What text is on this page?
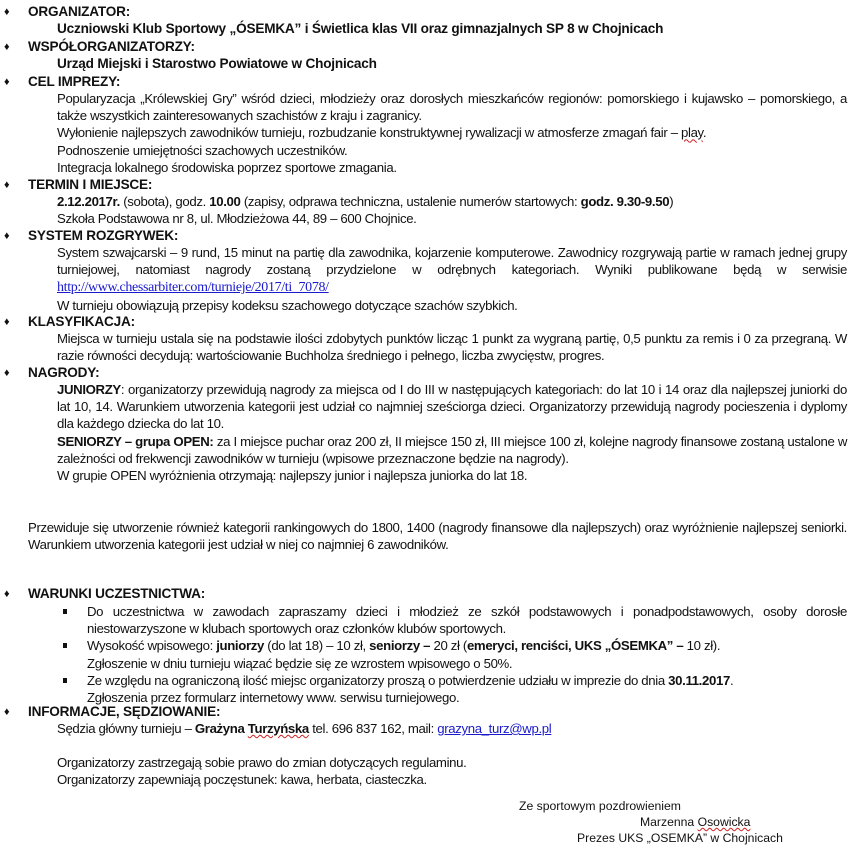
♦	ORGANIZATOR:
Uczniowski Klub Sportowy „ÓSEMKA” i Świetlica klas VII oraz gimnazjalnych SP 8 w Chojnicach
♦	WSPÓŁORGANIZATORZY:
Urząd Miejski i Starostwo Powiatowe w Chojnicach
♦	CEL IMPREZY:
Popularyzacja „Królewskiej Gry” wśród dzieci, młodzieży oraz dorosłych mieszkańców regionów: pomorskiego i kujawsko – pomorskiego, a także wszystkich zainteresowanych szachistów z kraju i zagranicy.
Wyłonienie najlepszych zawodników turnieju, rozbudzanie konstruktywnej rywalizacji w atmosferze zmagań fair – play.
Podnoszenie umiejętności szachowych uczestników.
Integracja lokalnego środowiska poprzez sportowe zmagania.
♦	TERMIN I MIEJSCE:
2.12.2017r. (sobota), godz. 10.00 (zapisy, odprawa techniczna, ustalenie numerów startowych: godz. 9.30-9.50)
Szkoła Podstawowa nr 8, ul. Młodzieżowa 44, 89 – 600 Chojnice.
♦	SYSTEM ROZGRYWEK:
System szwajcarski – 9 rund, 15 minut na partię dla zawodnika, kojarzenie komputerowe. Zawodnicy rozgrywają partie w ramach jednej grupy turniejowej, natomiast nagrody zostaną przydzielone w odrębnych kategoriach. Wyniki publikowane będą w serwisie http://www.chessarbiter.com/turnieje/2017/ti_7078/
W turnieju obowiązują przepisy kodeksu szachowego dotyczące szachów szybkich.
♦	KLASYFIKACJA:
Miejsca w turnieju ustala się na podstawie ilości zdobytych punktów licząc 1 punkt za wygraną partię, 0,5 punktu za remis i 0 za przegraną. W razie równości decydują: wartościowanie Buchholza średniego i pełnego, liczba zwycięstw, progres.
♦	NAGRODY:
JUNIORZY: organizatorzy przewidują nagrody za miejsca od I do III w następujących kategoriach: do lat 10 i 14 oraz dla najlepszej juniorki do lat 10, 14. Warunkiem utworzenia kategorii jest udział co najmniej sześciorga dzieci. Organizatorzy przewidują nagrody pocieszenia i dyplomy dla każdego dziecka do lat 10.
SENIORZY – grupa OPEN: za I miejsce puchar oraz 200 zł, II miejsce 150 zł, III miejsce 100 zł, kolejne nagrody finansowe zostaną ustalone w zależności od frekwencji zawodników w turnieju (wpisowe przeznaczone będzie na nagrody).
W grupie OPEN wyróżnienia otrzymają: najlepszy junior i najlepsza juniorka do lat 18.
Przewiduje się utworzenie również kategorii rankingowych do 1800, 1400 (nagrody finansowe dla najlepszych) oraz wyróżnienie najlepszej seniorki. Warunkiem utworzenia kategorii jest udział w niej co najmniej 6 zawodników.
♦	WARUNKI UCZESTNICTWA:
Do uczestnictwa w zawodach zapraszamy dzieci i młodzież ze szkół podstawowych i ponadpodstawowych, osoby dorosłe niestowarzyszone w klubach sportowych oraz członków klubów sportowych.
Wysokość wpisowego: juniorzy (do lat 18) – 10 zł, seniorzy – 20 zł (emeryci, renciści, UKS „ÓSEMKA” – 10 zł).
Zgłoszenie w dniu turnieju wiązać będzie się ze wzrostem wpisowego o 50%.
Ze względu na ograniczoną ilość miejsc organizatorzy proszą o potwierdzenie udziału w imprezie do dnia 30.11.2017.
Zgłoszenia przez formularz internetowy www. serwisu turniejowego.
♦	INFORMACJE, SĘDZIOWANIE:
Sędzia główny turnieju – Grażyna Turzyńska tel. 696 837 162, mail: grazyna_turz@wp.pl
Organizatorzy zastrzegają sobie prawo do zmian dotyczących regulaminu.
Organizatorzy zapewniają poczęstunek: kawa, herbata, ciasteczka.
Ze sportowym pozdrowieniem
Marzenna Osowicka
Prezes UKS „OSEMKA” w Chojnicach
